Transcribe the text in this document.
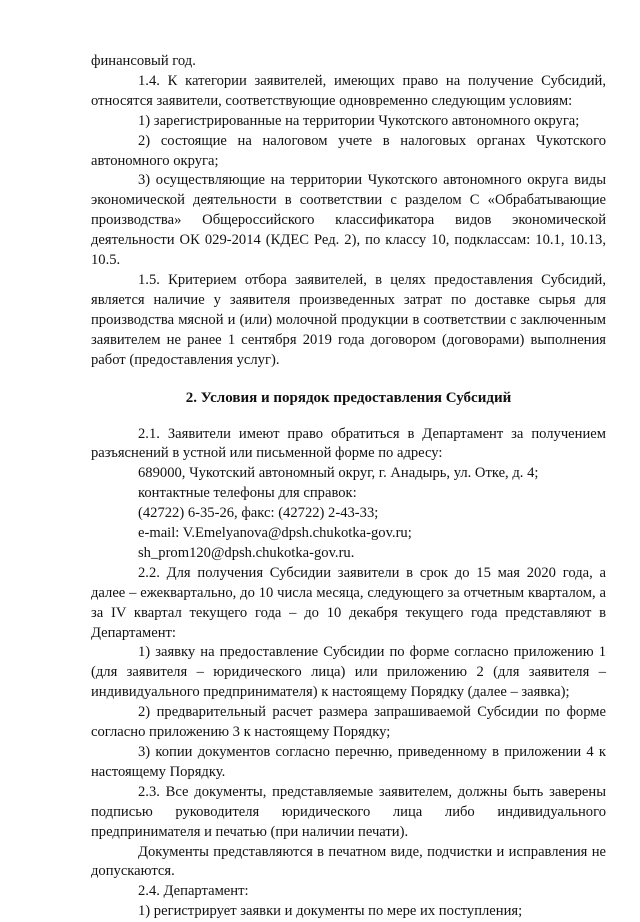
финансовый год.

1.4. К категории заявителей, имеющих право на получение Субсидий, относятся заявители, соответствующие одновременно следующим условиям:

1) зарегистрированные на территории Чукотского автономного округа;

2) состоящие на налоговом учете в налоговых органах Чукотского автономного округа;

3) осуществляющие на территории Чукотского автономного округа виды экономической деятельности в соответствии с разделом С «Обрабатывающие производства» Общероссийского классификатора видов экономической деятельности ОК 029-2014 (КДЕС Ред. 2), по классу 10, подклассам: 10.1, 10.13, 10.5.

1.5. Критерием отбора заявителей, в целях предоставления Субсидий, является наличие у заявителя произведенных затрат по доставке сырья для производства мясной и (или) молочной продукции в соответствии с заключенным заявителем не ранее 1 сентября 2019 года договором (договорами) выполнения работ (предоставления услуг).

2. Условия и порядок предоставления Субсидий

2.1. Заявители имеют право обратиться в Департамент за получением разъяснений в устной или письменной форме по адресу:

689000, Чукотский автономный округ, г. Анадырь, ул. Отке, д. 4;

контактные телефоны для справок:

(42722) 6-35-26, факс: (42722) 2-43-33;

e-mail: V.Emelyanova@dpsh.chukotka-gov.ru;

sh_prom120@dpsh.chukotka-gov.ru.

2.2. Для получения Субсидии заявители в срок до 15 мая 2020 года, а далее – ежеквартально, до 10 числа месяца, следующего за отчетным кварталом, а за IV квартал текущего года – до 10 декабря текущего года представляют в Департамент:

1) заявку на предоставление Субсидии по форме согласно приложению 1 (для заявителя – юридического лица) или приложению 2 (для заявителя – индивидуального предпринимателя) к настоящему Порядку (далее – заявка);

2) предварительный расчет размера запрашиваемой Субсидии по форме согласно приложению 3 к настоящему Порядку;

3) копии документов согласно перечню, приведенному в приложении 4 к настоящему Порядку.

2.3. Все документы, представляемые заявителем, должны быть заверены подписью руководителя юридического лица либо индивидуального предпринимателя и печатью (при наличии печати).

Документы представляются в печатном виде, подчистки и исправления не допускаются.

2.4. Департамент:

1) регистрирует заявки и документы по мере их поступления;
